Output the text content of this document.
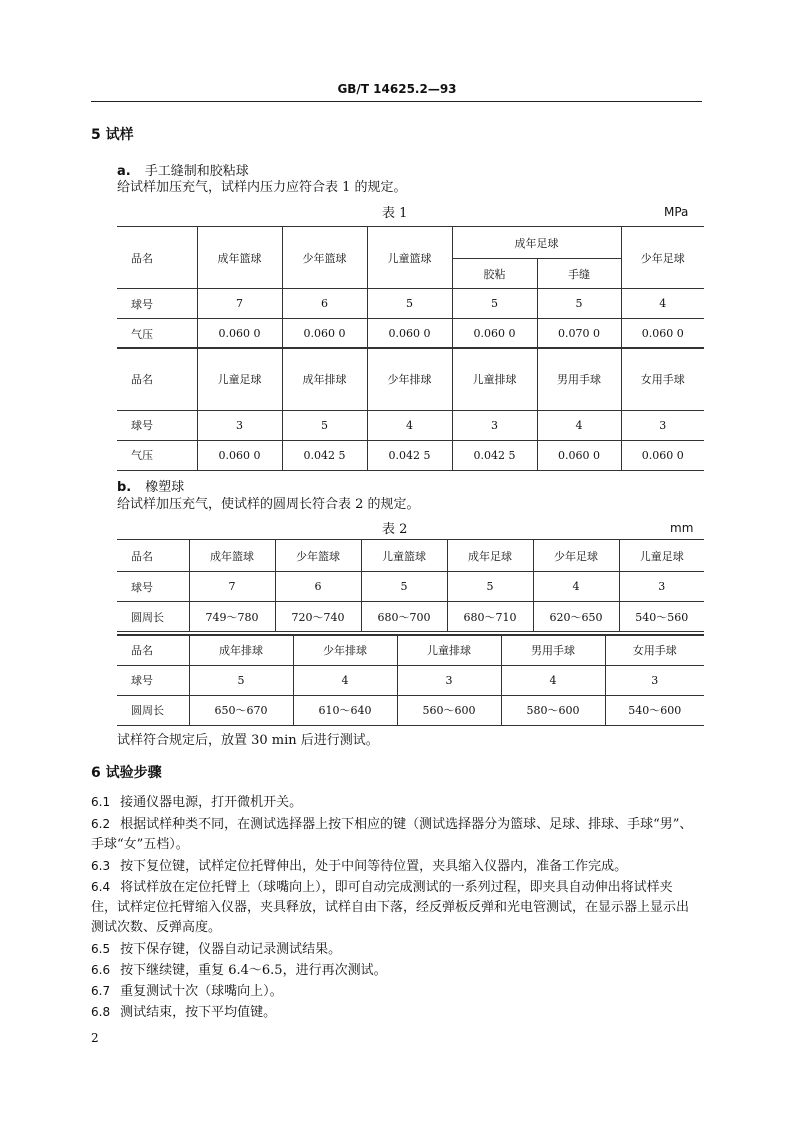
GB/T 14625.2—93
5 试样
a. 手工缝制和胶粘球
给试样加压充气，试样内压力应符合表 1 的规定。
表 1	MPa
品名	成年篮球	少年篮球	儿童篮球	成年足球		少年足球
				胶粘	手缝	
球号	7	6	5	5	5	4
气压	0.060 0	0.060 0	0.060 0	0.060 0	0.070 0	0.060 0
品名	儿童足球	成年排球	少年排球	儿童排球	男用手球	女用手球
球号	3	5	4	3	4	3
气压	0.060 0	0.042 5	0.042 5	0.042 5	0.060 0	0.060 0
b. 橡塑球
给试样加压充气，使试样的圆周长符合表 2 的规定。
表 2	mm
品名	成年篮球	少年篮球	儿童篮球	成年足球	少年足球	儿童足球
球号	7	6	5	5	4	3
圆周长	749～780	720～740	680～700	680～710	620～650	540～560
品名	成年排球	少年排球	儿童排球	男用手球	女用手球
球号	5	4	3	4	3
圆周长	650～670	610～640	560～600	580～600	540～600
试样符合规定后，放置 30 min 后进行测试。
6 试验步骤
6.1 接通仪器电源，打开微机开关。
6.2 根据试样种类不同，在测试选择器上按下相应的键（测试选择器分为篮球、足球、排球、手球“男”、
手球“女”五档）。
6.3 按下复位键，试样定位托臂伸出，处于中间等待位置，夹具缩入仪器内，准备工作完成。
6.4 将试样放在定位托臂上（球嘴向上），即可自动完成测试的一系列过程，即夹具自动伸出将试样夹
住，试样定位托臂缩入仪器，夹具释放，试样自由下落，经反弹板反弹和光电管测试，在显示器上显示出
测试次数、反弹高度。
6.5 按下保存键，仪器自动记录测试结果。
6.6 按下继续键，重复 6.4～6.5，进行再次测试。
6.7 重复测试十次（球嘴向上）。
6.8 测试结束，按下平均值键。
2
